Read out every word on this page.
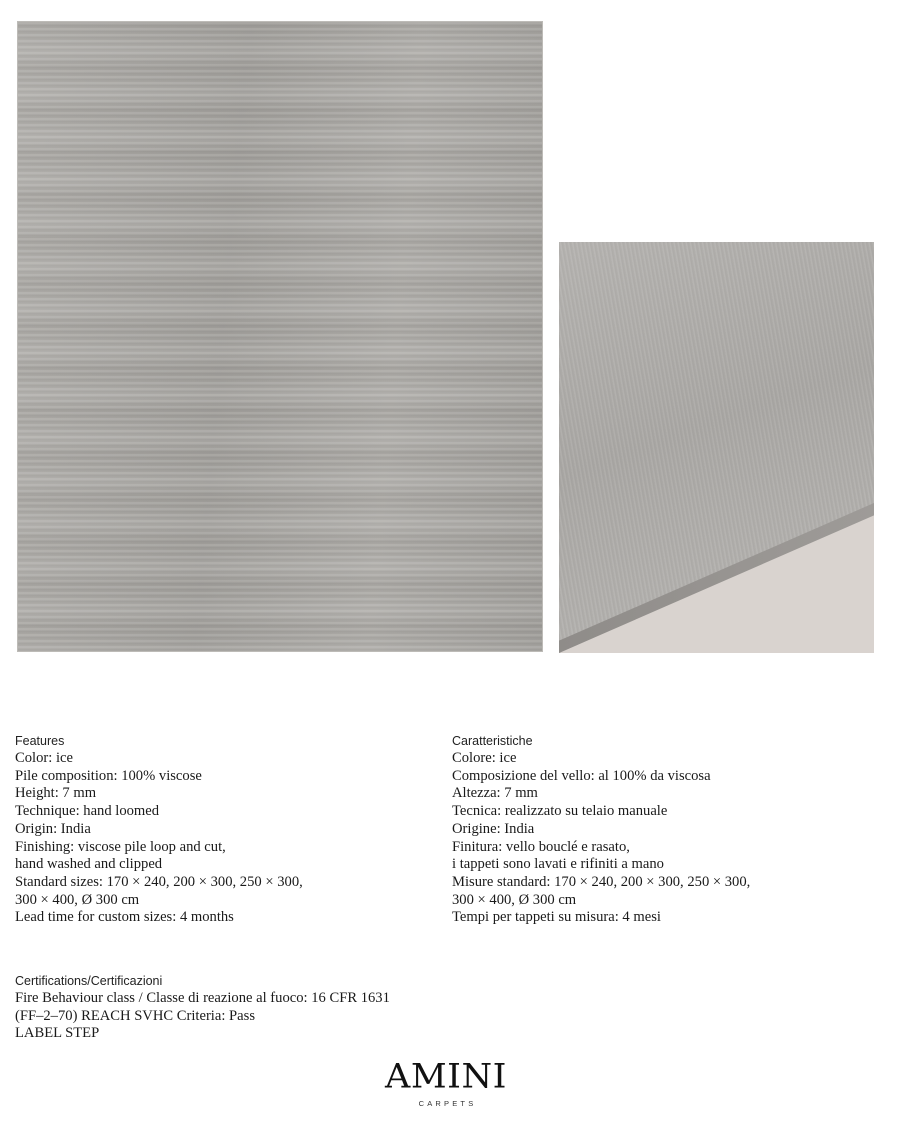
Features
Color: ice
Pile composition: 100% viscose
Height: 7 mm
Technique: hand loomed
Origin: India
Finishing: viscose pile loop and cut,
hand washed and clipped
Standard sizes: 170 × 240, 200 × 300, 250 × 300,
300 × 400, Ø 300 cm
Lead time for custom sizes: 4 months
Caratteristiche
Colore: ice
Composizione del vello: al 100% da viscosa
Altezza: 7 mm
Tecnica: realizzato su telaio manuale
Origine: India
Finitura: vello bouclé e rasato,
i tappeti sono lavati e rifiniti a mano
Misure standard: 170 × 240, 200 × 300, 250 × 300,
300 × 400, Ø 300 cm
Tempi per tappeti su misura: 4 mesi
Certifications/Certificazioni
Fire Behaviour class / Classe di reazione al fuoco: 16 CFR 1631
(FF–2–70) REACH SVHC Criteria: Pass
LABEL STEP
AMINI
CARPETS
